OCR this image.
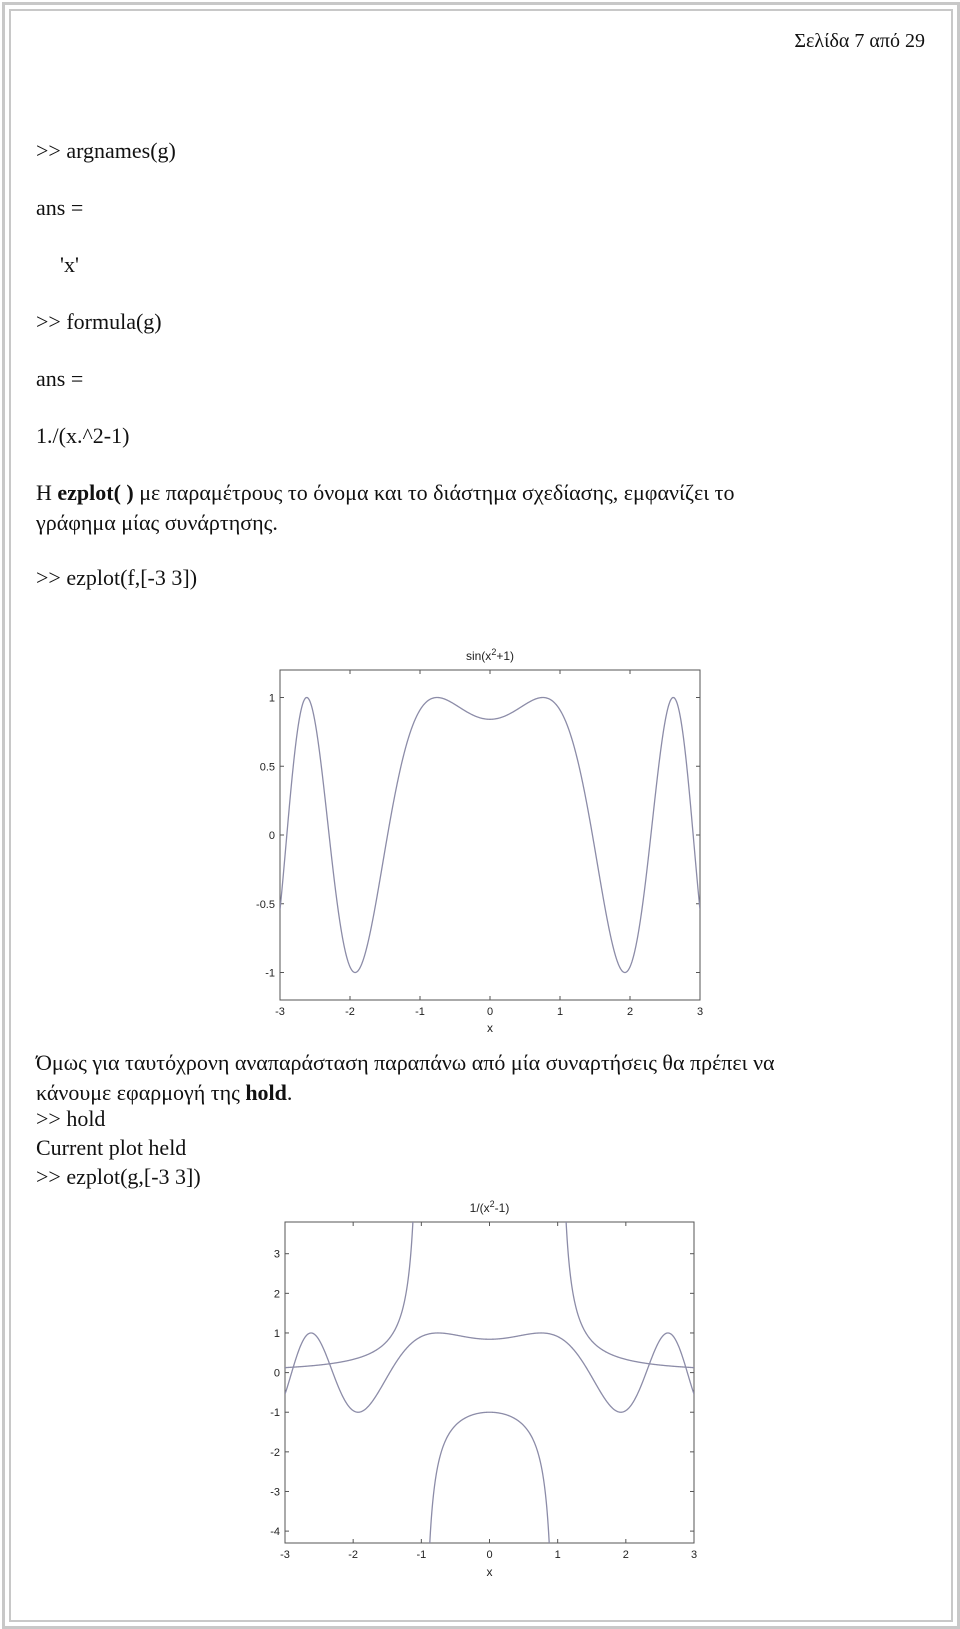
Σελίδα 7 από 29
>> argnames(g)
ans =
'x'
>> formula(g)
ans =
1./(x.^2-1)
Η ezplot( ) με παραμέτρους το όνομα και το διάστημα σχεδίασης, εμφανίζει το
γράφημα μίας συνάρτησης.
>> ezplot(f,[-3 3])
$\sin(x^2+1)$
-3	-2	-1	0	1	2	3
1
0.5
0
-0.5
-1
x
Όμως για ταυτόχρονη αναπαράσταση παραπάνω από μία συναρτήσεις θα πρέπει να
κάνουμε εφαρμογή της hold.
>> hold
Current plot held
>> ezplot(g,[-3 3])
$1/(x^2-1)$
-3	-2	-1	0	1	2	3
3
2
1
0
-1
-2
-3
-4
x
